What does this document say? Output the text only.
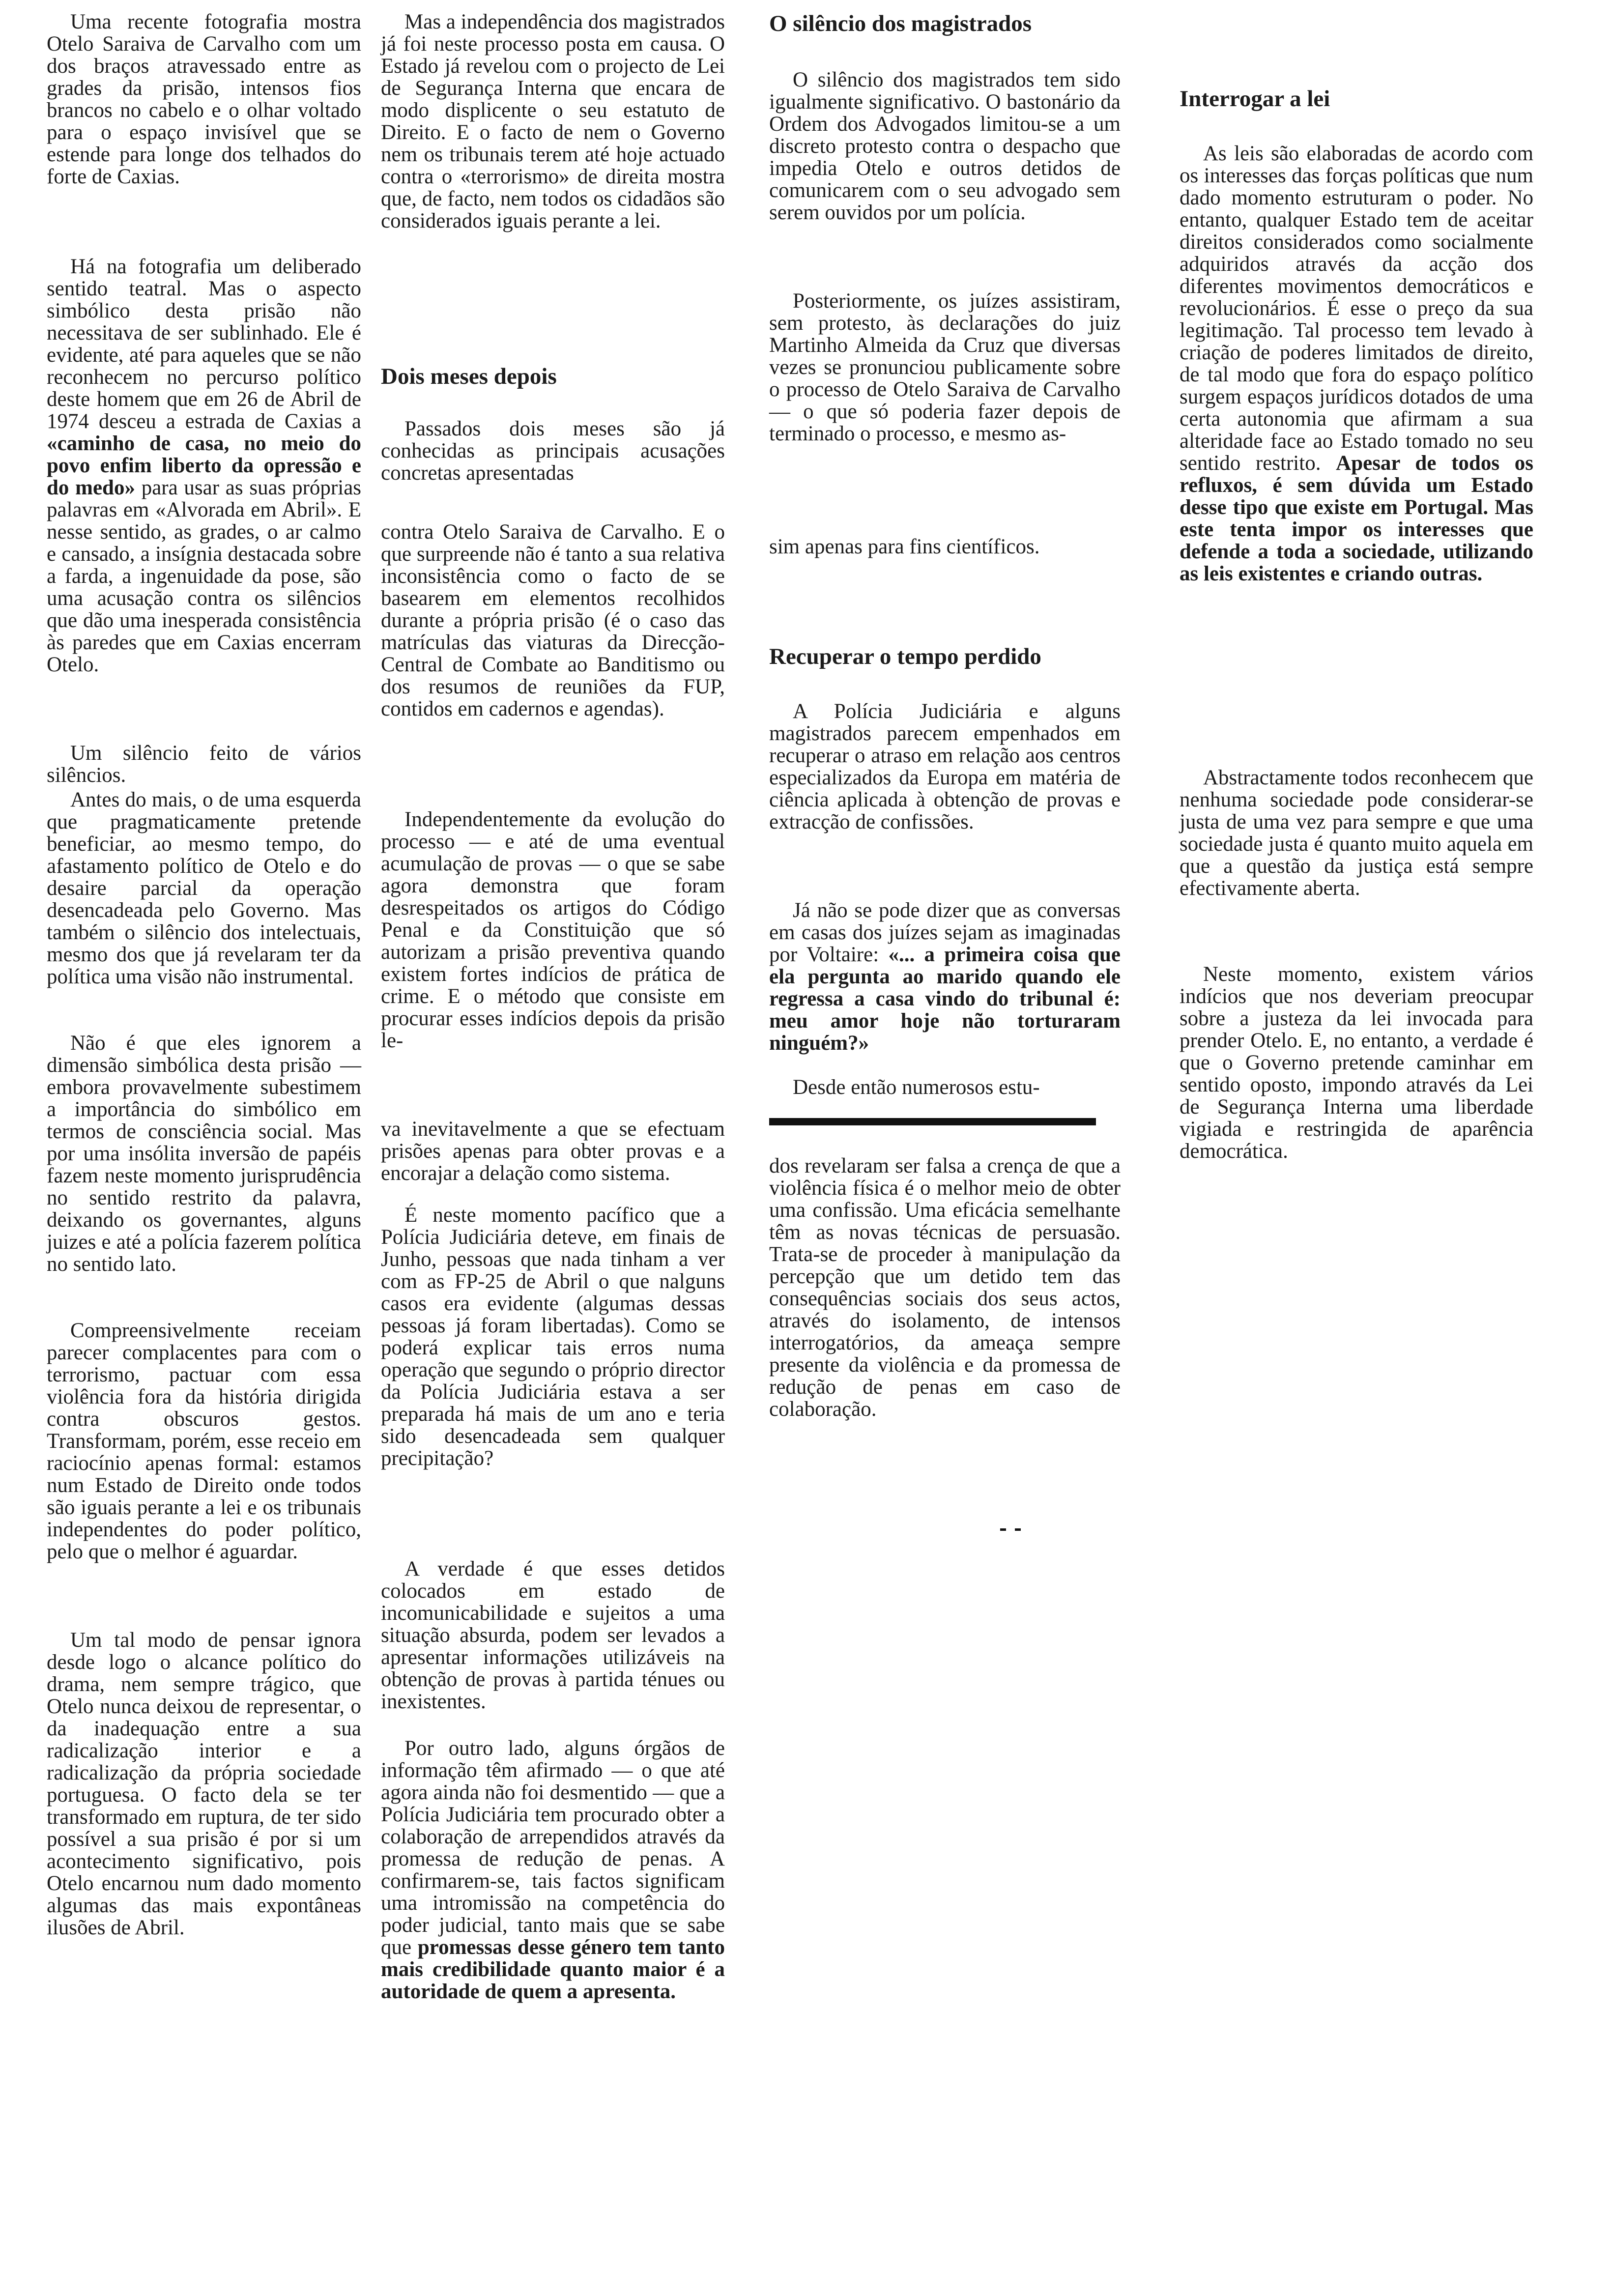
Uma recente fotografia mostra Otelo Saraiva de Carvalho com um dos braços atravessado entre as grades da prisão, intensos fios brancos no cabelo e o olhar voltado para o espaço invisível que se estende para longe dos telhados do forte de Caxias.

Há na fotografia um deliberado sentido teatral. Mas o aspecto simbólico desta prisão não necessitava de ser sublinhado. Ele é evidente, até para aqueles que se não reconhecem no percurso político deste homem que em 26 de Abril de 1974 desceu a estrada de Caxias a «caminho de casa, no meio do povo enfim liberto da opressão e do medo» para usar as suas próprias palavras em «Alvorada em Abril». E nesse sentido, as grades, o ar calmo e cansado, a insígnia destacada sobre a farda, a ingenuidade da pose, são uma acusação contra os silêncios que dão uma inesperada consistência às paredes que em Caxias encerram Otelo.

Um silêncio feito de vários silêncios.

Antes do mais, o de uma esquerda que pragmaticamente pretende beneficiar, ao mesmo tempo, do afastamento político de Otelo e do desaire parcial da operação desencadeada pelo Governo. Mas também o silêncio dos intelectuais, mesmo dos que já revelaram ter da política uma visão não instrumental.

Não é que eles ignorem a dimensão simbólica desta prisão — embora provavelmente subestimem a importância do simbólico em termos de consciência social. Mas por uma insólita inversão de papéis fazem neste momento jurisprudência no sentido restrito da palavra, deixando os governantes, alguns juizes e até a polícia fazerem política no sentido lato.

Compreensivelmente receiam parecer complacentes para com o terrorismo, pactuar com essa violência fora da história dirigida contra obscuros gestos. Transformam, porém, esse receio em raciocínio apenas formal: estamos num Estado de Direito onde todos são iguais perante a lei e os tribunais independentes do poder político, pelo que o melhor é aguardar.

Um tal modo de pensar ignora desde logo o alcance político do drama, nem sempre trágico, que Otelo nunca deixou de representar, o da inadequação entre a sua radicalização interior e a radicalização da própria sociedade portuguesa. O facto dela se ter transformado em ruptura, de ter sido possível a sua prisão é por si um acontecimento significativo, pois Otelo encarnou num dado momento algumas das mais expontâneas ilusões de Abril.

Mas a independência dos magistrados já foi neste processo posta em causa. O Estado já revelou com o projecto de Lei de Segurança Interna que encara de modo displicente o seu estatuto de Direito. E o facto de nem o Governo nem os tribunais terem até hoje actuado contra o «terrorismo» de direita mostra que, de facto, nem todos os cidadãos são considerados iguais perante a lei.

Dois meses depois

Passados dois meses são já conhecidas as principais acusações concretas apresentadas

contra Otelo Saraiva de Carvalho. E o que surpreende não é tanto a sua relativa inconsistência como o facto de se basearem em elementos recolhidos durante a própria prisão (é o caso das matrículas das viaturas da Direcção-Central de Combate ao Banditismo ou dos resumos de reuniões da FUP, contidos em cadernos e agendas).

Independentemente da evolução do processo — e até de uma eventual acumulação de provas — o que se sabe agora demonstra que foram desrespeitados os artigos do Código Penal e da Constituição que só autorizam a prisão preventiva quando existem fortes indícios de prática de crime. E o método que consiste em procurar esses indícios depois da prisão le-

va inevitavelmente a que se efectuam prisões apenas para obter provas e a encorajar a delação como sistema.

É neste momento pacífico que a Polícia Judiciária deteve, em finais de Junho, pessoas que nada tinham a ver com as FP-25 de Abril o que nalguns casos era evidente (algumas dessas pessoas já foram libertadas). Como se poderá explicar tais erros numa operação que segundo o próprio director da Polícia Judiciária estava a ser preparada há mais de um ano e teria sido desencadeada sem qualquer precipitação?

A verdade é que esses detidos colocados em estado de incomunicabilidade e sujeitos a uma situação absurda, podem ser levados a apresentar informações utilizáveis na obtenção de provas à partida ténues ou inexistentes.

Por outro lado, alguns órgãos de informação têm afirmado — o que até agora ainda não foi desmentido — que a Polícia Judiciária tem procurado obter a colaboração de arrependidos através da promessa de redução de penas. A confirmarem-se, tais factos significam uma intromissão na competência do poder judicial, tanto mais que se sabe que promessas desse género tem tanto mais credibilidade quanto maior é a autoridade de quem a apresenta.

O silêncio dos magistrados

O silêncio dos magistrados tem sido igualmente significativo. O bastonário da Ordem dos Advogados limitou-se a um discreto protesto contra o despacho que impedia Otelo e outros detidos de comunicarem com o seu advogado sem serem ouvidos por um polícia.

Posteriormente, os juízes assistiram, sem protesto, às declarações do juiz Martinho Almeida da Cruz que diversas vezes se pronunciou publicamente sobre o processo de Otelo Saraiva de Carvalho — o que só poderia fazer depois de terminado o processo, e mesmo as-

sim apenas para fins científicos.

Recuperar o tempo perdido

A Polícia Judiciária e alguns magistrados parecem empenhados em recuperar o atraso em relação aos centros especializados da Europa em matéria de ciência aplicada à obtenção de provas e extracção de confissões.

Já não se pode dizer que as conversas em casas dos juízes sejam as imaginadas por Voltaire: «... a primeira coisa que ela pergunta ao marido quando ele regressa a casa vindo do tribunal é: meu amor hoje não torturaram ninguém?»

Desde então numerosos estu-

dos revelaram ser falsa a crença de que a violência física é o melhor meio de obter uma confissão. Uma eficácia semelhante têm as novas técnicas de persuasão. Trata-se de proceder à manipulação da percepção que um detido tem das consequências sociais dos seus actos, através do isolamento, de intensos interrogatórios, da ameaça sempre presente da violência e da promessa de redução de penas em caso de colaboração.

Interrogar a lei

As leis são elaboradas de acordo com os interesses das forças políticas que num dado momento estruturam o poder. No entanto, qualquer Estado tem de aceitar direitos considerados como socialmente adquiridos através da acção dos diferentes movimentos democráticos e revolucionários. É esse o preço da sua legitimação. Tal processo tem levado à criação de poderes limitados de direito, de tal modo que fora do espaço político surgem espaços jurídicos dotados de uma certa autonomia que afirmam a sua alteridade face ao Estado tomado no seu sentido restrito. Apesar de todos os refluxos, é sem dúvida um Estado desse tipo que existe em Portugal. Mas este tenta impor os interesses que defende a toda a sociedade, utilizando as leis existentes e criando outras.

Abstractamente todos reconhecem que nenhuma sociedade pode considerar-se justa de uma vez para sempre e que uma sociedade justa é quanto muito aquela em que a questão da justiça está sempre efectivamente aberta.

Neste momento, existem vários indícios que nos deveriam preocupar sobre a justeza da lei invocada para prender Otelo. E, no entanto, a verdade é que o Governo pretende caminhar em sentido oposto, impondo através da Lei de Segurança Interna uma liberdade vigiada e restringida de aparência democrática.
